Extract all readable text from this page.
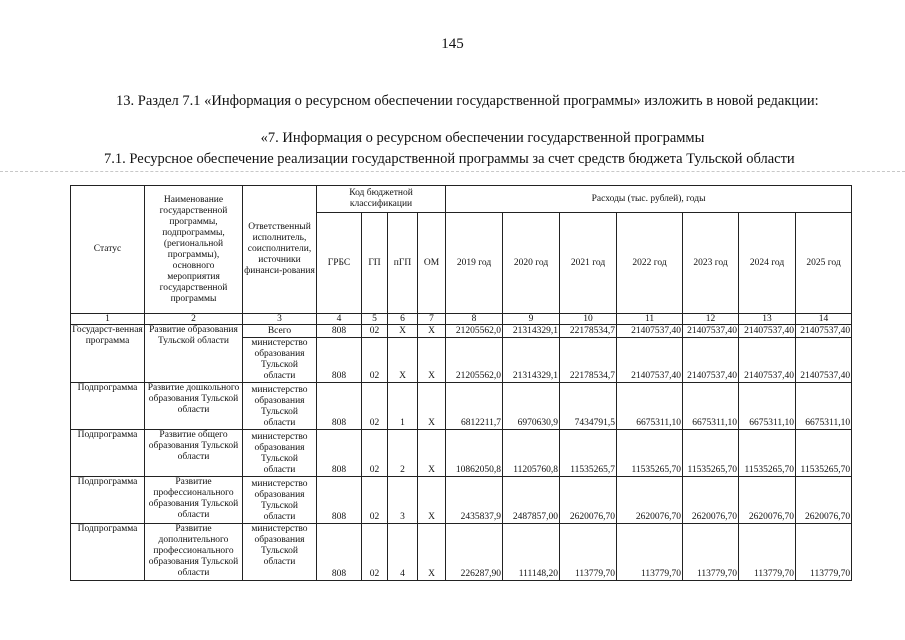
145
13. Раздел 7.1 «Информация о ресурсном обеспечении государственной программы» изложить в новой редакции:
«7. Информация о ресурсном обеспечении государственной программы
7.1. Ресурсное обеспечение реализации государственной программы за счет средств бюджета Тульской области
Статус	Наименование государственной программы, подпрограммы, (региональной программы), основного мероприятия государственной программы	Ответственный исполнитель, соисполнители, источники финанси-рования	Код бюджетной классификации				Расходы (тыс. рублей), годы						
			ГРБС	ГП	пГП	ОМ	2019 год	2020 год	2021 год	2022 год	2023 год	2024 год	2025 год
1	2	3	4	5	6	7	8	9	10	11	12	13	14
Государст-венная программа	Развитие образования Тульской области	Всего	808	02	Х	Х	21205562,0	21314329,1	22178534,7	21407537,40	21407537,40	21407537,40	21407537,40
		министерство образования Тульской области	808	02	Х	Х	21205562,0	21314329,1	22178534,7	21407537,40	21407537,40	21407537,40	21407537,40
Подпрограмма	Развитие дошкольного образования Тульской области	министерство образования Тульской области	808	02	1	Х	6812211,7	6970630,9	7434791,5	6675311,10	6675311,10	6675311,10	6675311,10
Подпрограмма	Развитие общего образования Тульской области	министерство образования Тульской области	808	02	2	Х	10862050,8	11205760,8	11535265,7	11535265,70	11535265,70	11535265,70	11535265,70
Подпрограмма	Развитие профессионального образования Тульской области	министерство образования Тульской области	808	02	3	Х	2435837,9	2487857,00	2620076,70	2620076,70	2620076,70	2620076,70	2620076,70
Подпрограмма	Развитие дополнительного профессионального образования Тульской области	министерство образования Тульской области	808	02	4	Х	226287,90	111148,20	113779,70	113779,70	113779,70	113779,70	113779,70
